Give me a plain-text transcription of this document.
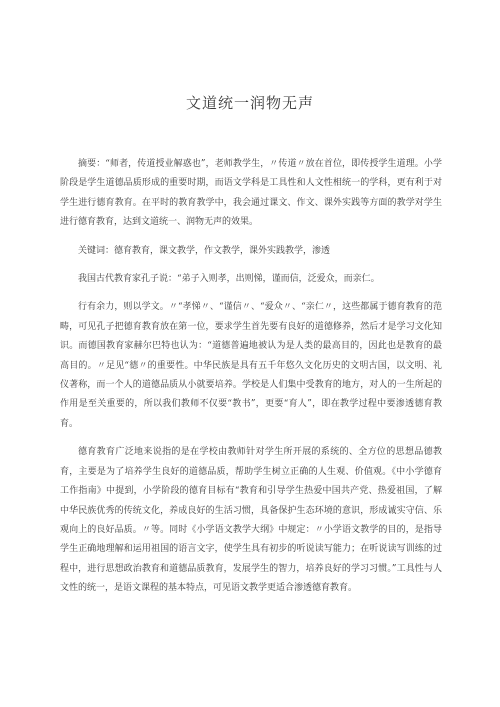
文道统一润物无声

摘要：“师者，传道授业解惑也”，老师教学生，〃传道〃放在首位，即传授学生道理。小学阶段是学生道德品质形成的重要时期，而语文学科是工具性和人文性相统一的学科，更有利于对学生进行德育教育。在平时的教育教学中，我会通过课文、作文、课外实践等方面的教学对学生进行德育教育，达到文道统一、润物无声的效果。

关键词：德育教育，课文教学，作文教学，课外实践教学，渗透

我国古代教育家孔子说：“弟子入则孝，出则悌，谨而信，泛爱众，而亲仁。

行有余力，则以学文。〃“孝悌〃、“谨信〃、“爱众〃、“亲仁〃，这些都属于德育教育的范畴，可见孔子把德育教育放在第一位，要求学生首先要有良好的道德修养，然后才是学习文化知识。而德国教育家赫尔巴特也认为：“道德普遍地被认为是人类的最高目的，因此也是教育的最高目的。〃足见“德〃的重要性。中华民族是具有五千年悠久文化历史的文明古国，以文明、礼仪著称，而一个人的道德品质从小就要培养。学校是人们集中受教育的地方，对人的一生所起的作用是至关重要的，所以我们教师不仅要“教书”，更要“育人”，即在教学过程中要渗透德育教育。

德育教育广泛地来说指的是在学校由教师针对学生所开展的系统的、全方位的思想品德教育，主要是为了培养学生良好的道德品质，帮助学生树立正确的人生观、价值观。《中小学德育工作指南》中提到，小学阶段的德育目标有“教育和引导学生热爱中国共产党、热爱祖国，了解中华民族优秀的传统文化，养成良好的生活习惯，具备保护生态环境的意识，形成诚实守信、乐观向上的良好品质。〃等。同时《小学语文教学大纲》中规定：〃小学语文教学的目的，是指导学生正确地理解和运用祖国的语言文字，使学生具有初步的听说读写能力；在听说读写训练的过程中，进行思想政治教育和道德品质教育，发展学生的智力，培养良好的学习习惯。”工具性与人文性的统一，是语文课程的基本特点，可见语文教学更适合渗透德育教育。
